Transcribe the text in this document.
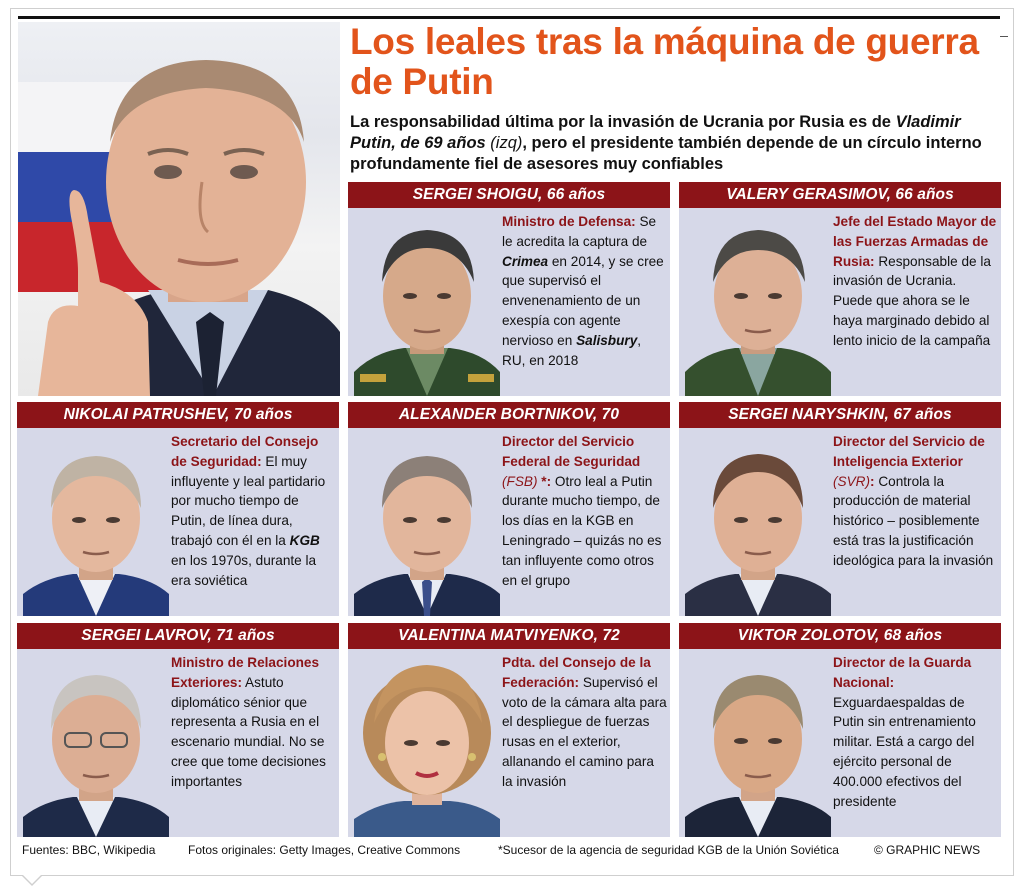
Los leales tras la máquina de guerra de Putin
La responsabilidad última por la invasión de Ucrania por Rusia es de Vladimir Putin, de 69 años (izq), pero el presidente también depende de un círculo interno profundamente fiel de asesores muy confiables
SERGEI SHOIGU, 66 años
Ministro de Defensa: Se le acredita la captura de Crimea en 2014, y se cree que supervisó el envenenamiento de un exespía con agente nervioso en Salisbury, RU, en 2018
VALERY GERASIMOV, 66 años
Jefe del Estado Mayor de las Fuerzas Armadas de Rusia: Responsable de la invasión de Ucrania. Puede que ahora se le haya marginado debido al lento inicio de la campaña
NIKOLAI PATRUSHEV, 70 años
Secretario del Consejo de Seguridad: El muy influyente y leal partidario por mucho tiempo de Putin, de línea dura, trabajó con él en la KGB en los 1970s, durante la era soviética
ALEXANDER BORTNIKOV, 70
Director del Servicio Federal de Seguridad (FSB) *: Otro leal a Putin durante mucho tiempo, de los días en la KGB en Leningrado – quizás no es tan influyente como otros en el grupo
SERGEI NARYSHKIN, 67 años
Director del Servicio de Inteligencia Exterior (SVR): Controla la producción de material histórico – posiblemente está tras la justificación ideológica para la invasión
SERGEI LAVROV, 71 años
Ministro de Relaciones Exteriores: Astuto diplomático sénior que representa a Rusia en el escenario mundial. No se cree que tome decisiones importantes
VALENTINA MATVIYENKO, 72
Pdta. del Consejo de la Federación: Supervisó el voto de la cámara alta para el despliegue de fuerzas rusas en el exterior, allanando el camino para la invasión
VIKTOR ZOLOTOV, 68 años
Director de la Guarda Nacional: Exguardaespaldas de Putin sin entrenamiento militar. Está a cargo del ejército personal de 400.000 efectivos del presidente
Fuentes: BBC, Wikipedia	Fotos originales: Getty Images, Creative Commons	*Sucesor de la agencia de seguridad KGB de la Unión Soviética	© GRAPHIC NEWS
